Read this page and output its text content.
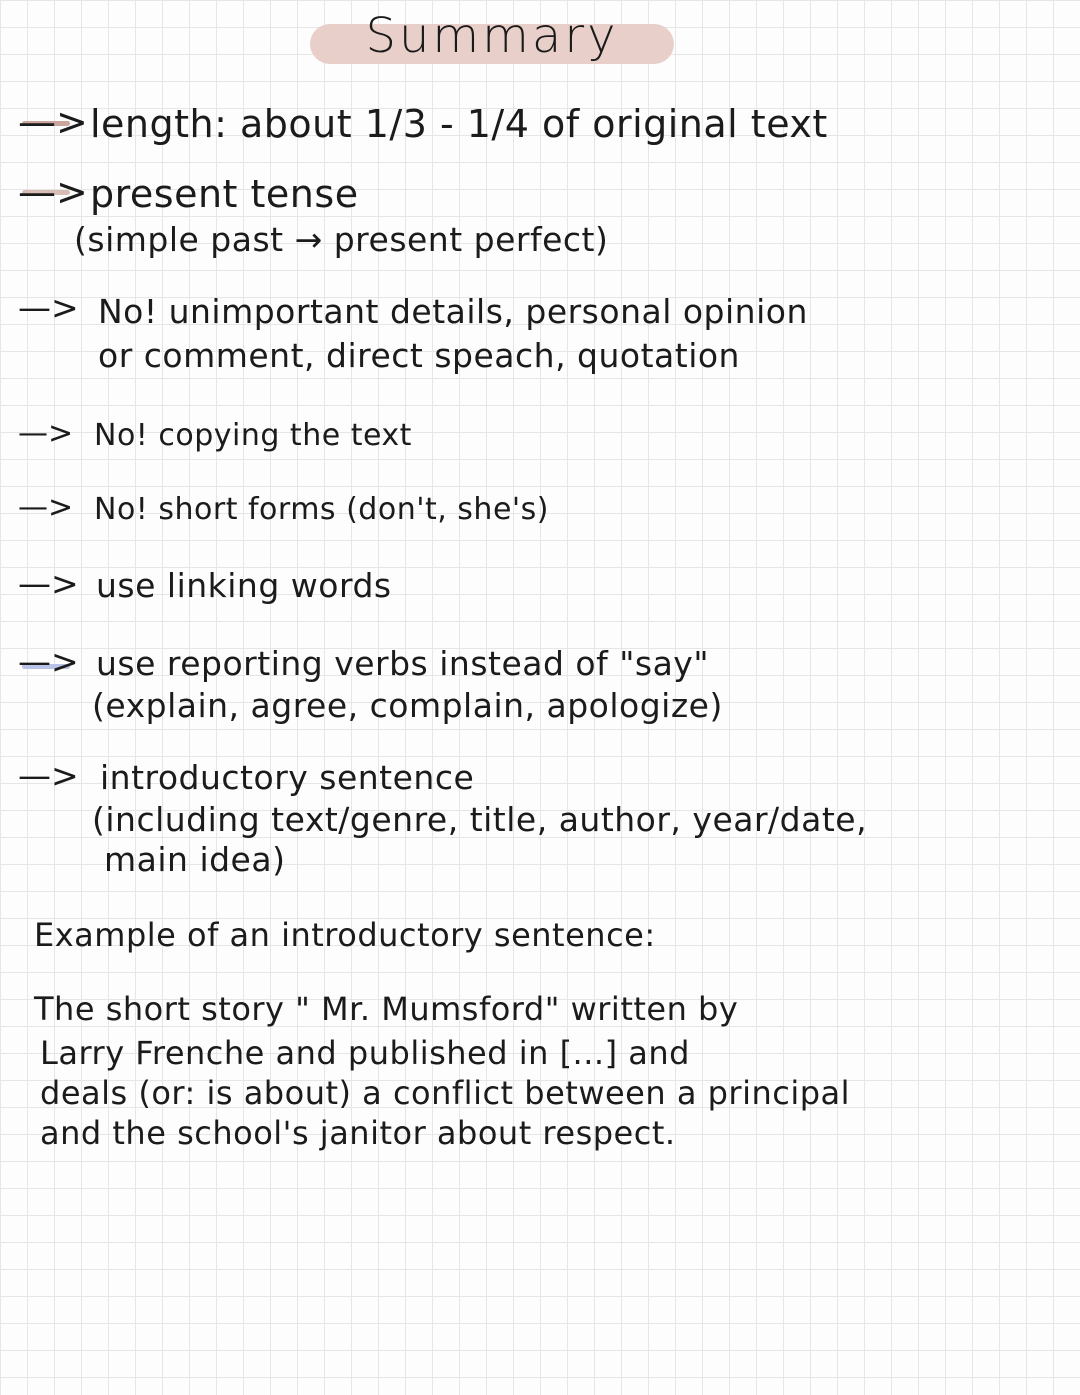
Summary
—> length: about 1/3 - 1/4 of original text
—> present tense
(simple past → present perfect)
—> No! unimportant details, personal opinion
or comment, direct speach, quotation
—> No! copying the text
—> No! short forms (don't, she's)
—> use linking words
—> use reporting verbs instead of "say"
(explain, agree, complain, apologize)
—> introductory sentence
(including text/genre, title, author, year/date,
main idea)
Example of an introductory sentence:
The short story " Mr. Mumsford" written by
Larry Frenche and published in [...] and
deals (or: is about) a conflict between a principal
and the school's janitor about respect.
